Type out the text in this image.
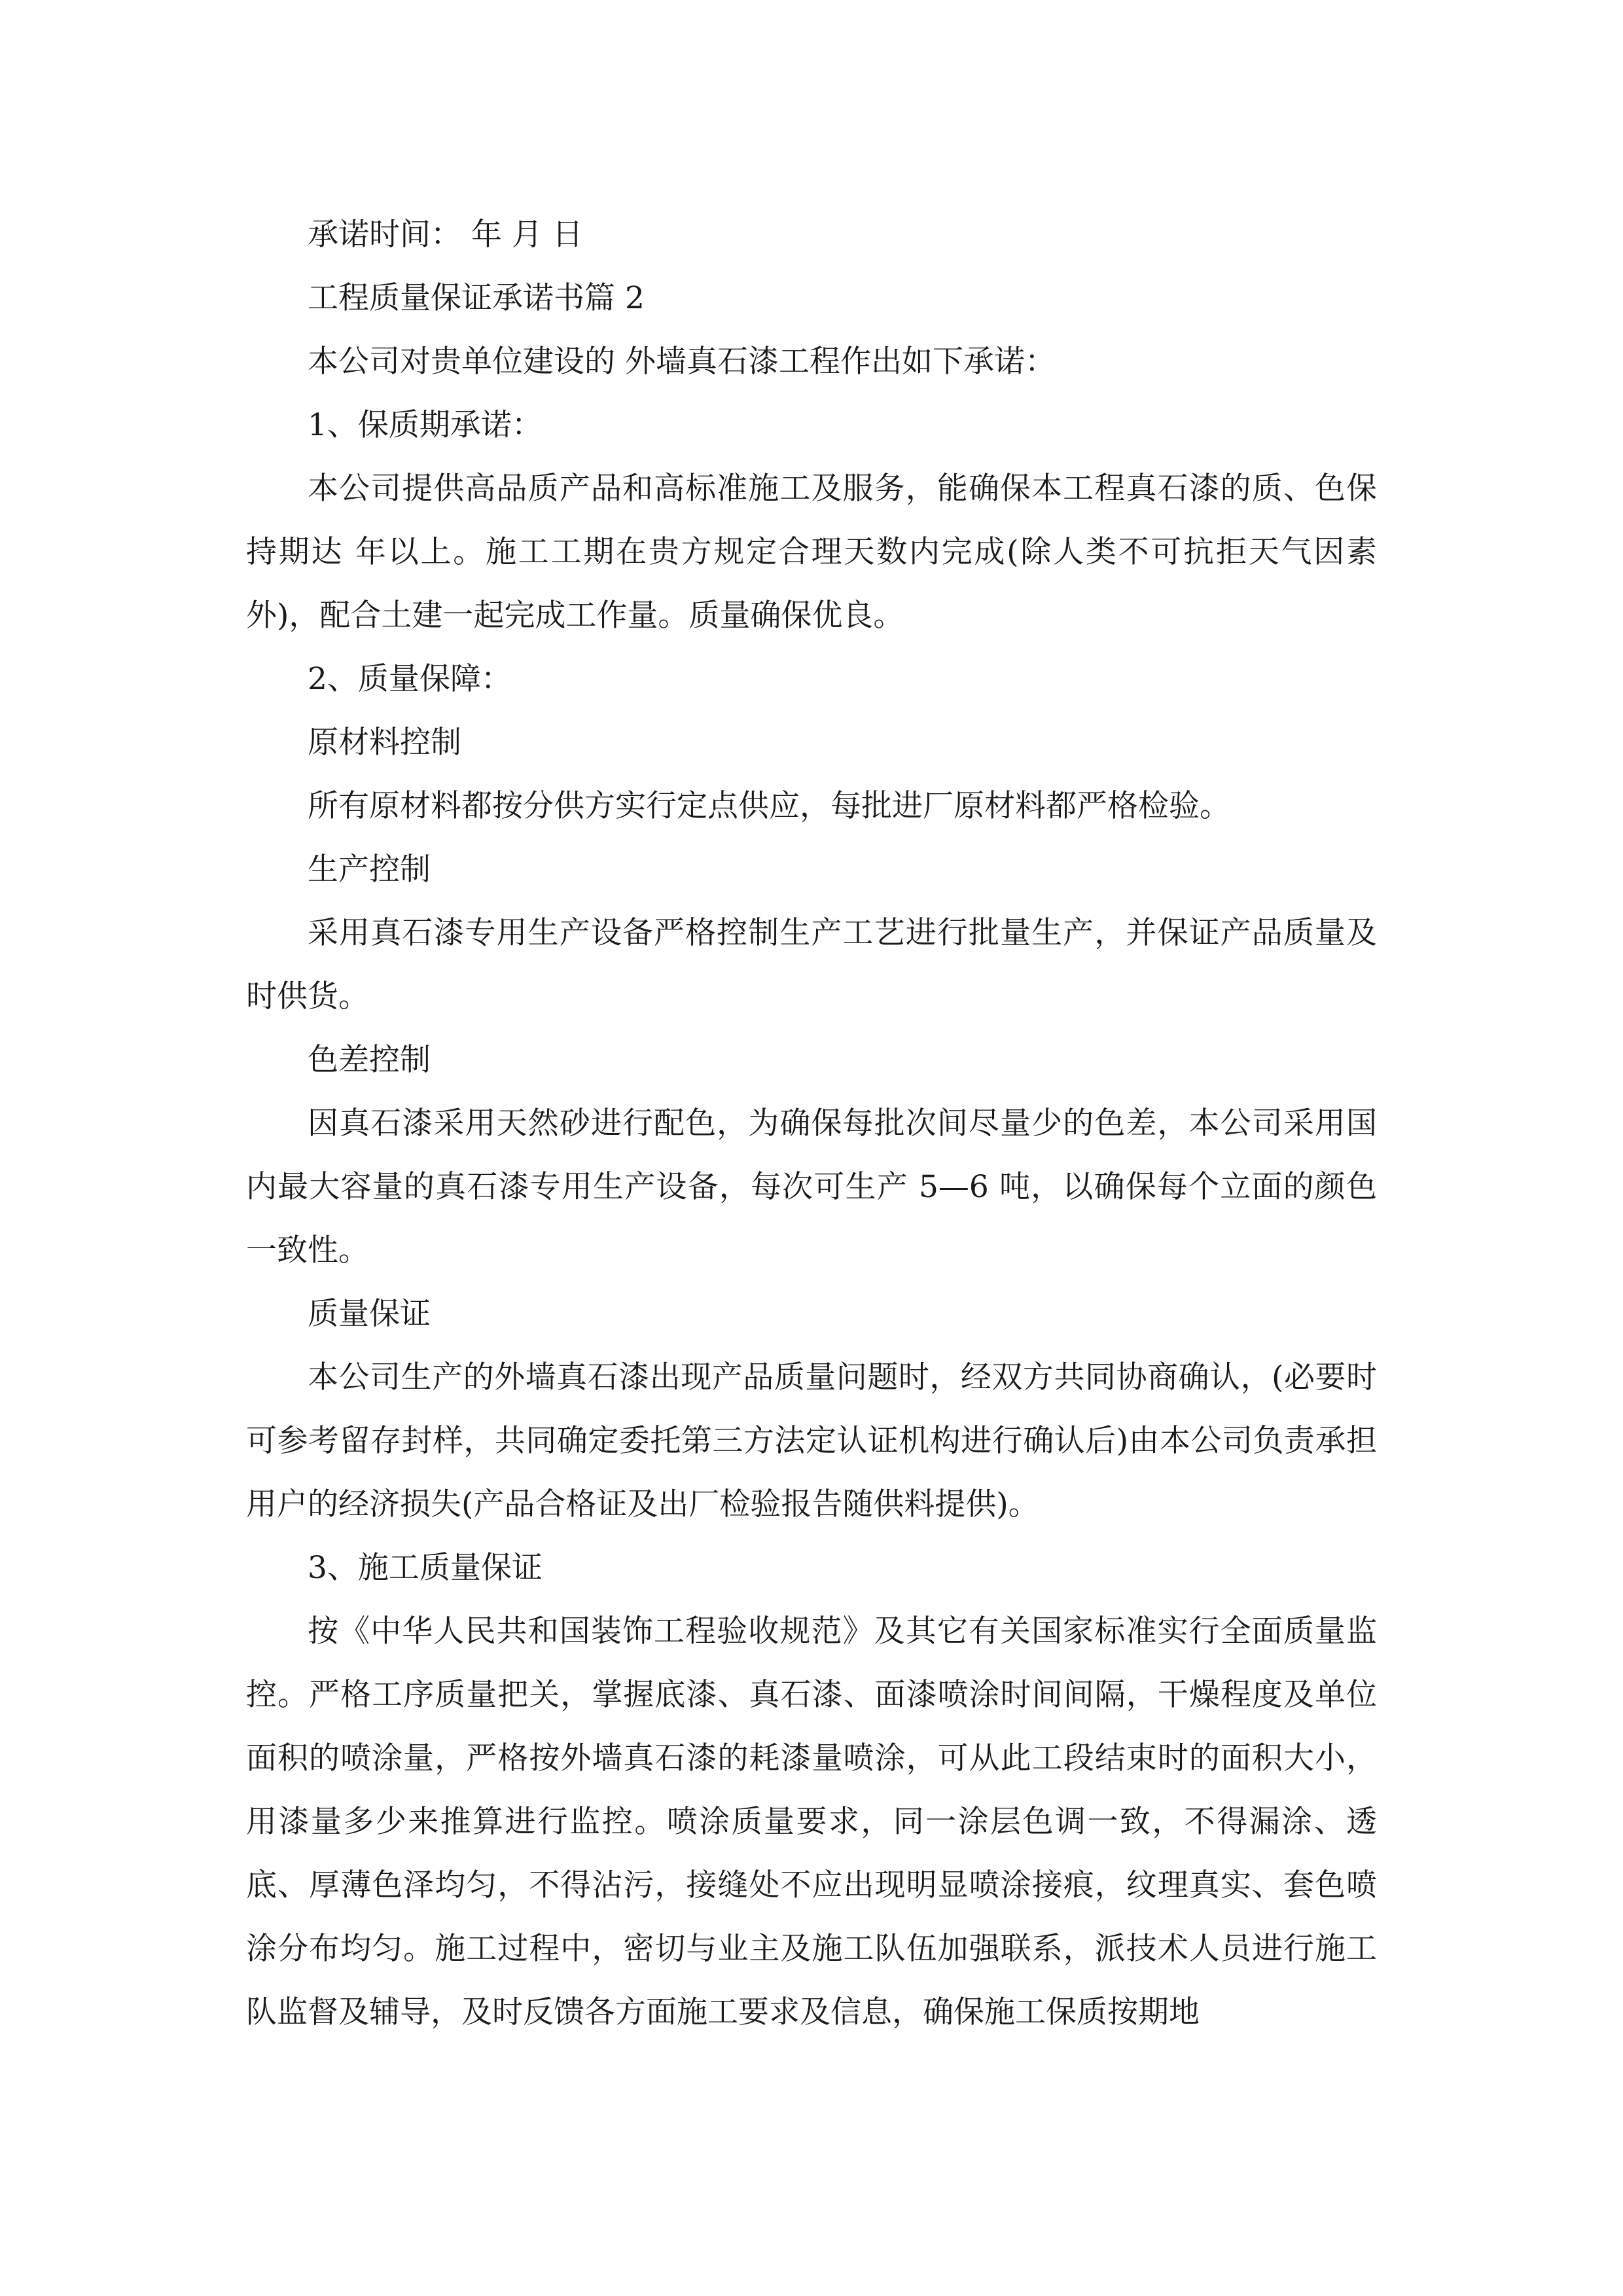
承诺时间： 年 月 日

工程质量保证承诺书篇 2

本公司对贵单位建设的 外墙真石漆工程作出如下承诺：

1、保质期承诺：

本公司提供高品质产品和高标准施工及服务，能确保本工程真石漆的质、色保持期达 年以上。施工工期在贵方规定合理天数内完成(除人类不可抗拒天气因素外)，配合土建一起完成工作量。质量确保优良。

2、质量保障：

原材料控制

所有原材料都按分供方实行定点供应，每批进厂原材料都严格检验。

生产控制

采用真石漆专用生产设备严格控制生产工艺进行批量生产，并保证产品质量及时供货。

色差控制

因真石漆采用天然砂进行配色，为确保每批次间尽量少的色差，本公司采用国内最大容量的真石漆专用生产设备，每次可生产 5—6 吨，以确保每个立面的颜色一致性。

质量保证

本公司生产的外墙真石漆出现产品质量问题时，经双方共同协商确认，(必要时可参考留存封样，共同确定委托第三方法定认证机构进行确认后)由本公司负责承担用户的经济损失(产品合格证及出厂检验报告随供料提供)。

3、施工质量保证

按《中华人民共和国装饰工程验收规范》及其它有关国家标准实行全面质量监控。严格工序质量把关，掌握底漆、真石漆、面漆喷涂时间间隔，干燥程度及单位面积的喷涂量，严格按外墙真石漆的耗漆量喷涂，可从此工段结束时的面积大小，用漆量多少来推算进行监控。喷涂质量要求，同一涂层色调一致，不得漏涂、透底、厚薄色泽均匀，不得沾污，接缝处不应出现明显喷涂接痕，纹理真实、套色喷涂分布均匀。施工过程中，密切与业主及施工队伍加强联系，派技术人员进行施工队监督及辅导，及时反馈各方面施工要求及信息，确保施工保质按期地
